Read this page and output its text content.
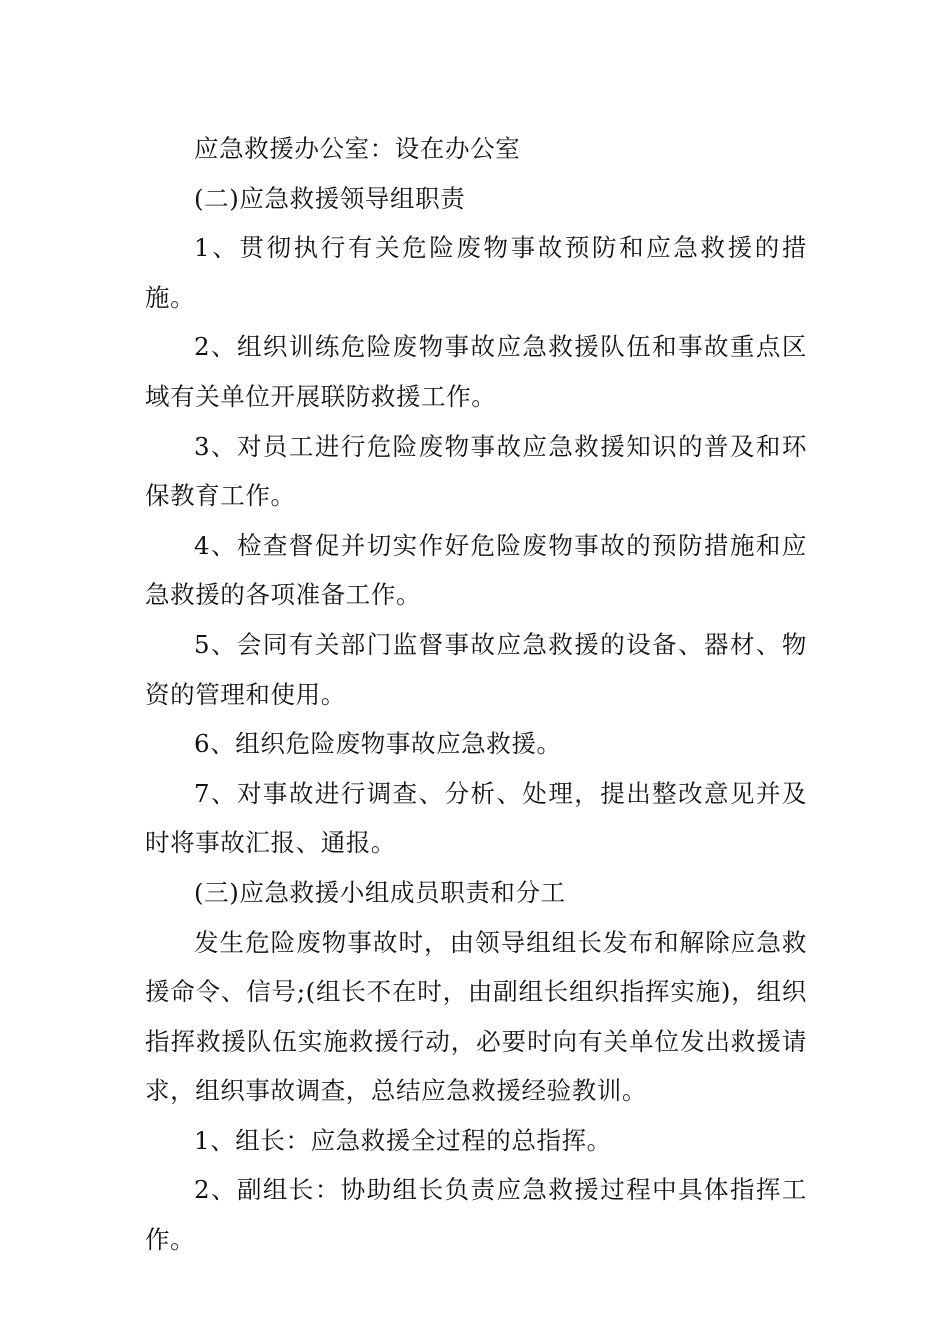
应急救援办公室：设在办公室

(二)应急救援领导组职责

1、贯彻执行有关危险废物事故预防和应急救援的措施。

2、组织训练危险废物事故应急救援队伍和事故重点区域有关单位开展联防救援工作。

3、对员工进行危险废物事故应急救援知识的普及和环保教育工作。

4、检查督促并切实作好危险废物事故的预防措施和应急救援的各项准备工作。

5、会同有关部门监督事故应急救援的设备、器材、物资的管理和使用。

6、组织危险废物事故应急救援。

7、对事故进行调查、分析、处理，提出整改意见并及时将事故汇报、通报。

(三)应急救援小组成员职责和分工

发生危险废物事故时，由领导组组长发布和解除应急救援命令、信号;(组长不在时，由副组长组织指挥实施)，组织指挥救援队伍实施救援行动，必要时向有关单位发出救援请求，组织事故调查，总结应急救援经验教训。

1、组长：应急救援全过程的总指挥。

2、副组长：协助组长负责应急救援过程中具体指挥工作。
